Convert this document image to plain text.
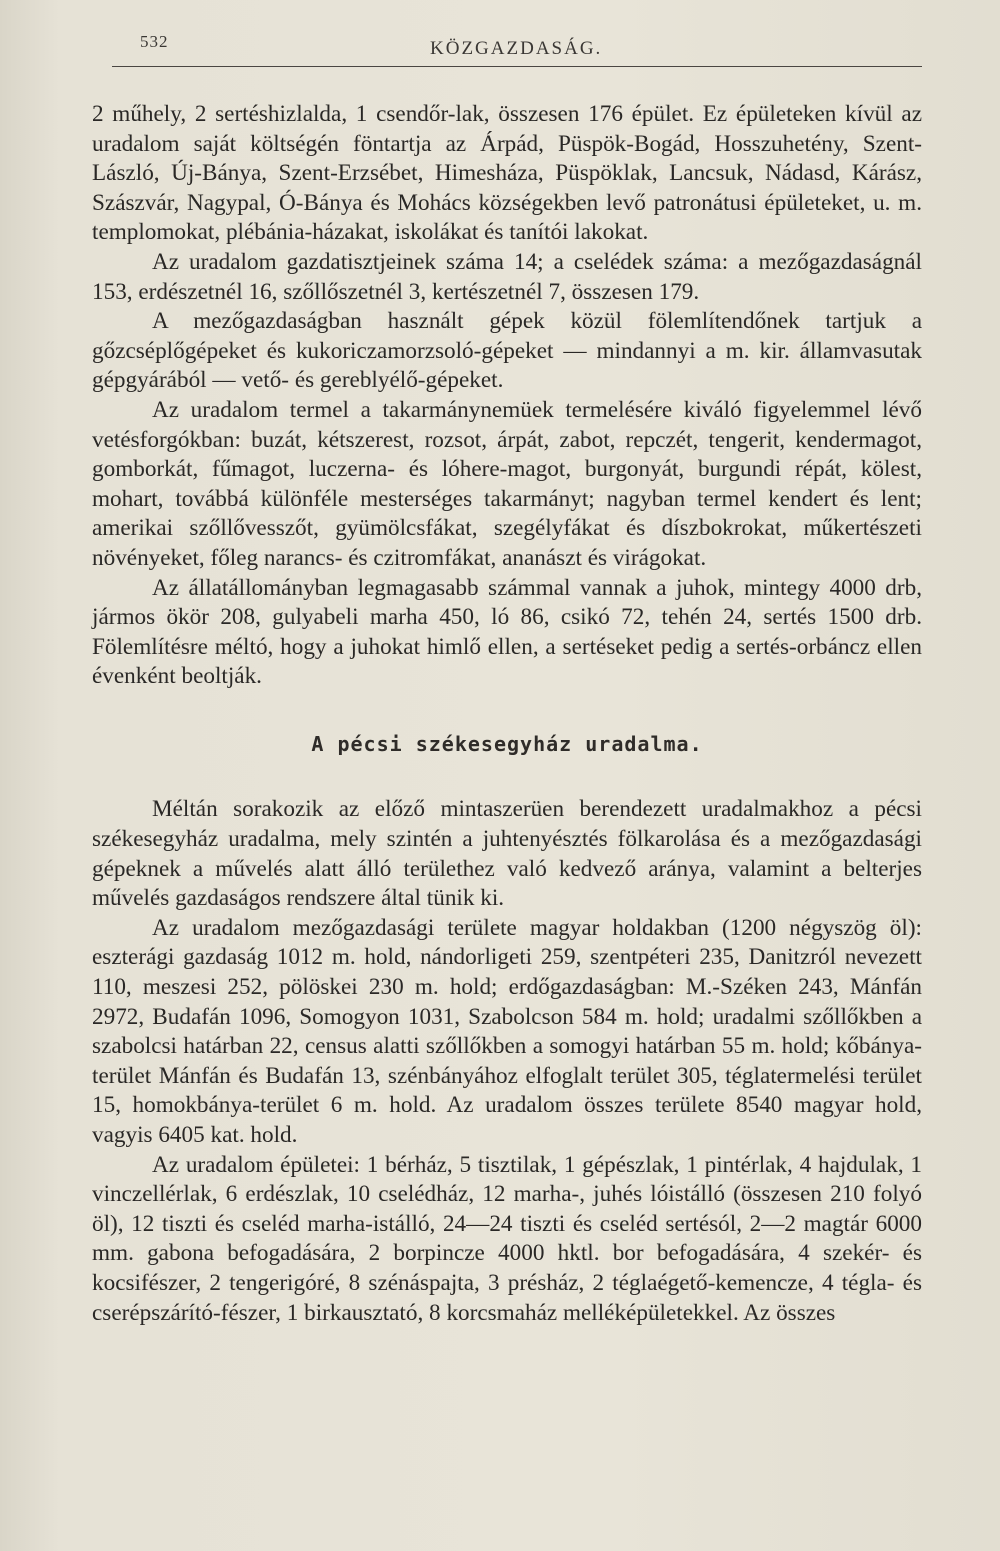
532	KÖZGAZDASÁG.

2 műhely, 2 sertéshizlalda, 1 csendőr-lak, összesen 176 épület. Ez épületeken kívül az uradalom saját költségén föntartja az Árpád, Püspök-Bogád, Hosszuhetény, Szent-László, Új-Bánya, Szent-Erzsébet, Himesháza, Püspöklak, Lancsuk, Nádasd, Kárász, Szászvár, Nagypal, Ó-Bánya és Mohács községekben levő patronátusi épületeket, u. m. templomokat, plébánia-házakat, iskolákat és tanítói lakokat.

Az uradalom gazdatisztjeinek száma 14; a cselédek száma: a mezőgazdaságnál 153, erdészetnél 16, szőllőszetnél 3, kertészetnél 7, összesen 179.

A mezőgazdaságban használt gépek közül fölemlítendőnek tartjuk a gőzcséplőgépeket és kukoriczamorzsoló-gépeket — mindannyi a m. kir. államvasutak gépgyárából — vető- és gereblyélő-gépeket.

Az uradalom termel a takarmánynemüek termelésére kiváló figyelemmel lévő vetésforgókban: buzát, kétszerest, rozsot, árpát, zabot, repczét, tengerit, kendermagot, gomborkát, fűmagot, luczerna- és lóhere-magot, burgonyát, burgundi répát, kölest, mohart, továbbá különféle mesterséges takarmányt; nagyban termel kendert és lent; amerikai szőllővesszőt, gyümölcsfákat, szegélyfákat és díszbokrokat, műkertészeti növényeket, főleg narancs- és czitromfákat, ananászt és virágokat.

Az állatállományban legmagasabb számmal vannak a juhok, mintegy 4000 drb, jármos ökör 208, gulyabeli marha 450, ló 86, csikó 72, tehén 24, sertés 1500 drb. Fölemlítésre méltó, hogy a juhokat himlő ellen, a sertéseket pedig a sertés-orbáncz ellen évenként beoltják.

A pécsi székesegyház uradalma.

Méltán sorakozik az előző mintaszerüen berendezett uradalmakhoz a pécsi székesegyház uradalma, mely szintén a juhtenyésztés fölkarolása és a mezőgazdasági gépeknek a művelés alatt álló területhez való kedvező aránya, valamint a belterjes művelés gazdaságos rendszere által tünik ki.

Az uradalom mezőgazdasági területe magyar holdakban (1200 négyszög öl): eszterági gazdaság 1012 m. hold, nándorligeti 259, szentpéteri 235, Danitzról nevezett 110, meszesi 252, pölöskei 230 m. hold; erdőgazdaságban: M.-Széken 243, Mánfán 2972, Budafán 1096, Somogyon 1031, Szabolcson 584 m. hold; uradalmi szőllőkben a szabolcsi határban 22, census alatti szőllőkben a somogyi határban 55 m. hold; kőbánya-terület Mánfán és Budafán 13, szénbányához elfoglalt terület 305, téglatermelési terület 15, homokbánya-terület 6 m. hold. Az uradalom összes területe 8540 magyar hold, vagyis 6405 kat. hold.

Az uradalom épületei: 1 bérház, 5 tisztilak, 1 gépészlak, 1 pintérlak, 4 hajdulak, 1 vinczellérlak, 6 erdészlak, 10 cselédház, 12 marha-, juhés lóistálló (összesen 210 folyó öl), 12 tiszti és cseléd marha-istálló, 24—24 tiszti és cseléd sertésól, 2—2 magtár 6000 mm. gabona befogadására, 2 borpincze 4000 hktl. bor befogadására, 4 szekér- és kocsifészer, 2 tengerigóré, 8 szénáspajta, 3 présház, 2 téglaégető-kemencze, 4 tégla- és cserépszárító-fészer, 1 birkausztató, 8 korcsmaház melléképületekkel. Az összes
